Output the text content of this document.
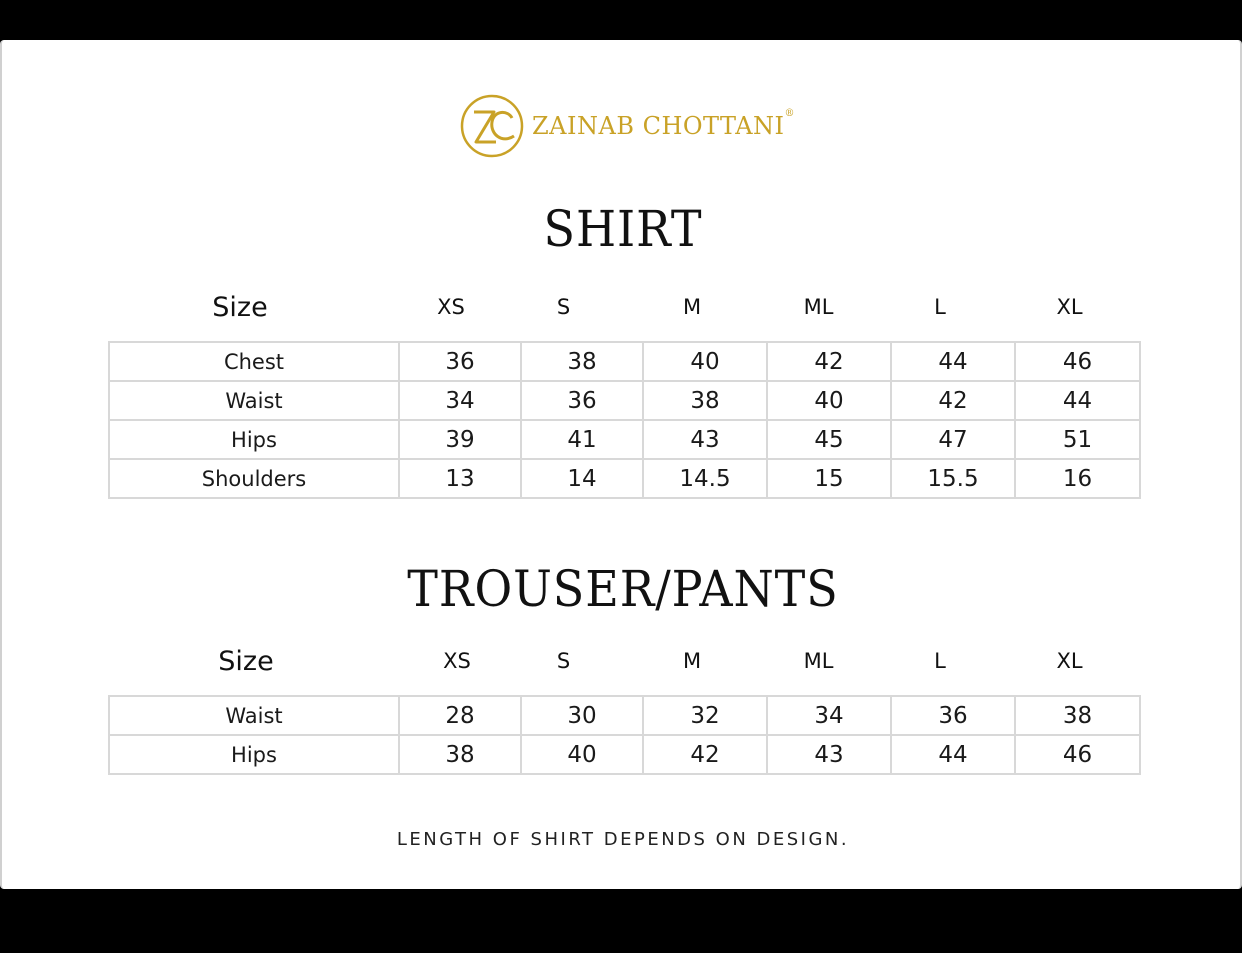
ZAINAB CHOTTANI®
SHIRT
Size	XS	S	M	ML	L	XL
Chest	36	38	40	42	44	46
Waist	34	36	38	40	42	44
Hips	39	41	43	45	47	51
Shoulders	13	14	14.5	15	15.5	16
TROUSER/PANTS
Size	XS	S	M	ML	L	XL
Waist	28	30	32	34	36	38
Hips	38	40	42	43	44	46
LENGTH OF SHIRT DEPENDS ON DESIGN.
